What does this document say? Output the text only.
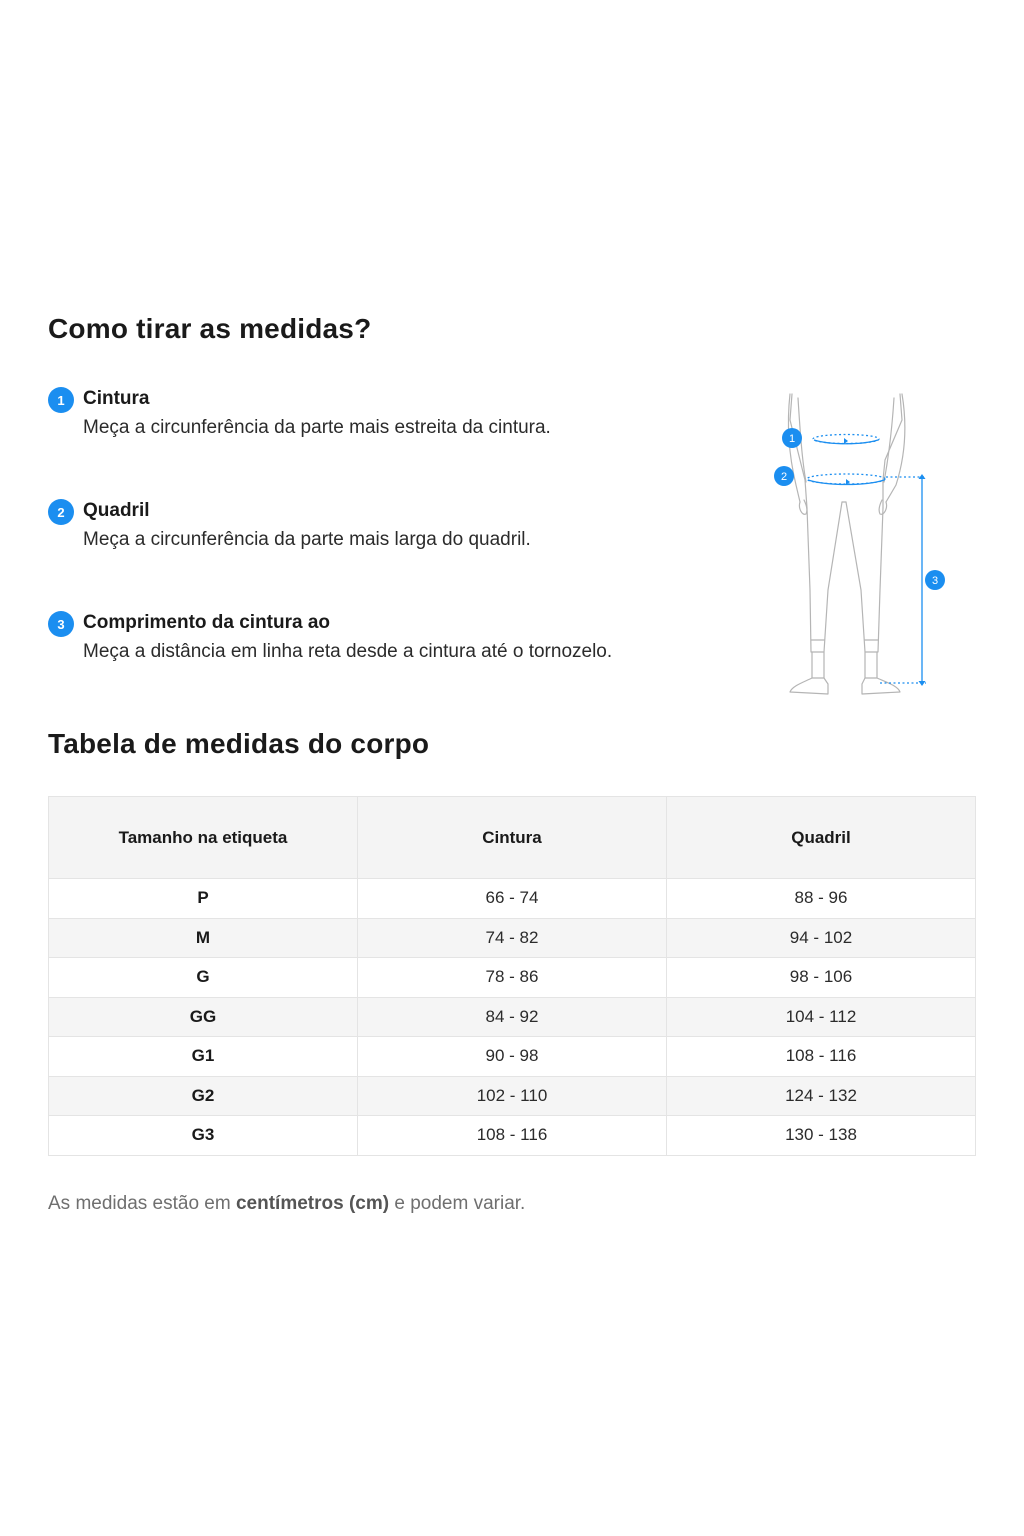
Como tirar as medidas?
1 Cintura
Meça a circunferência da parte mais estreita da cintura.
2 Quadril
Meça a circunferência da parte mais larga do quadril.
3 Comprimento da cintura ao
Meça a distância em linha reta desde a cintura até o tornozelo.
1
2
3
Tabela de medidas do corpo
Tamanho na etiqueta	Cintura	Quadril
P	66 - 74	88 - 96
M	74 - 82	94 - 102
G	78 - 86	98 - 106
GG	84 - 92	104 - 112
G1	90 - 98	108 - 116
G2	102 - 110	124 - 132
G3	108 - 116	130 - 138
As medidas estão em centímetros (cm) e podem variar.
